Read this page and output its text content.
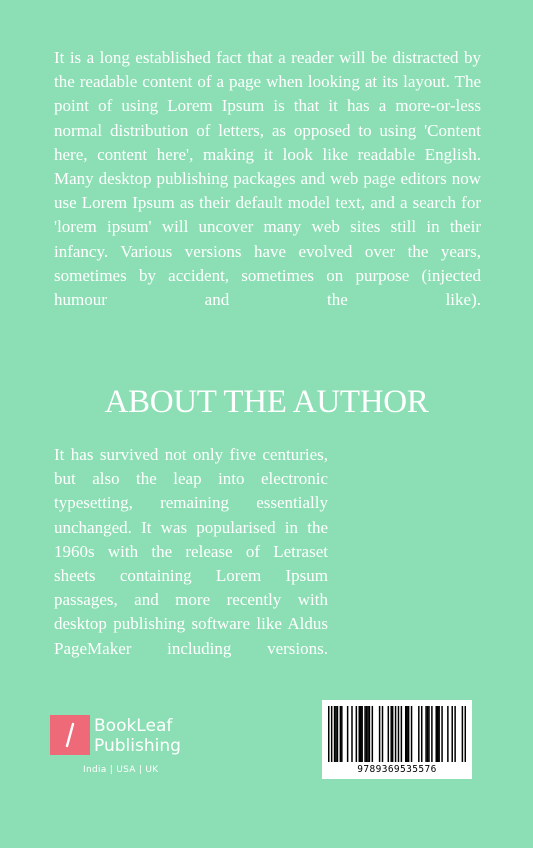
It is a long established fact that a reader will be distracted by the readable content of a page when looking at its layout. The point of using Lorem Ipsum is that it has a more-or-less normal distribution of letters, as opposed to using 'Content here, content here', making it look like readable English. Many desktop publishing packages and web page editors now use Lorem Ipsum as their default model text, and a search for 'lorem ipsum' will uncover many web sites still in their infancy. Various versions have evolved over the years, sometimes by accident, sometimes on purpose (injected humour and the like).

ABOUT THE AUTHOR

It has survived not only five centuries, but also the leap into electronic typesetting, remaining essentially unchanged. It was popularised in the 1960s with the release of Letraset sheets containing Lorem Ipsum passages, and more recently with desktop publishing software like Aldus PageMaker including versions.

BookLeaf
Publishing
India | USA | UK	9789369535576
